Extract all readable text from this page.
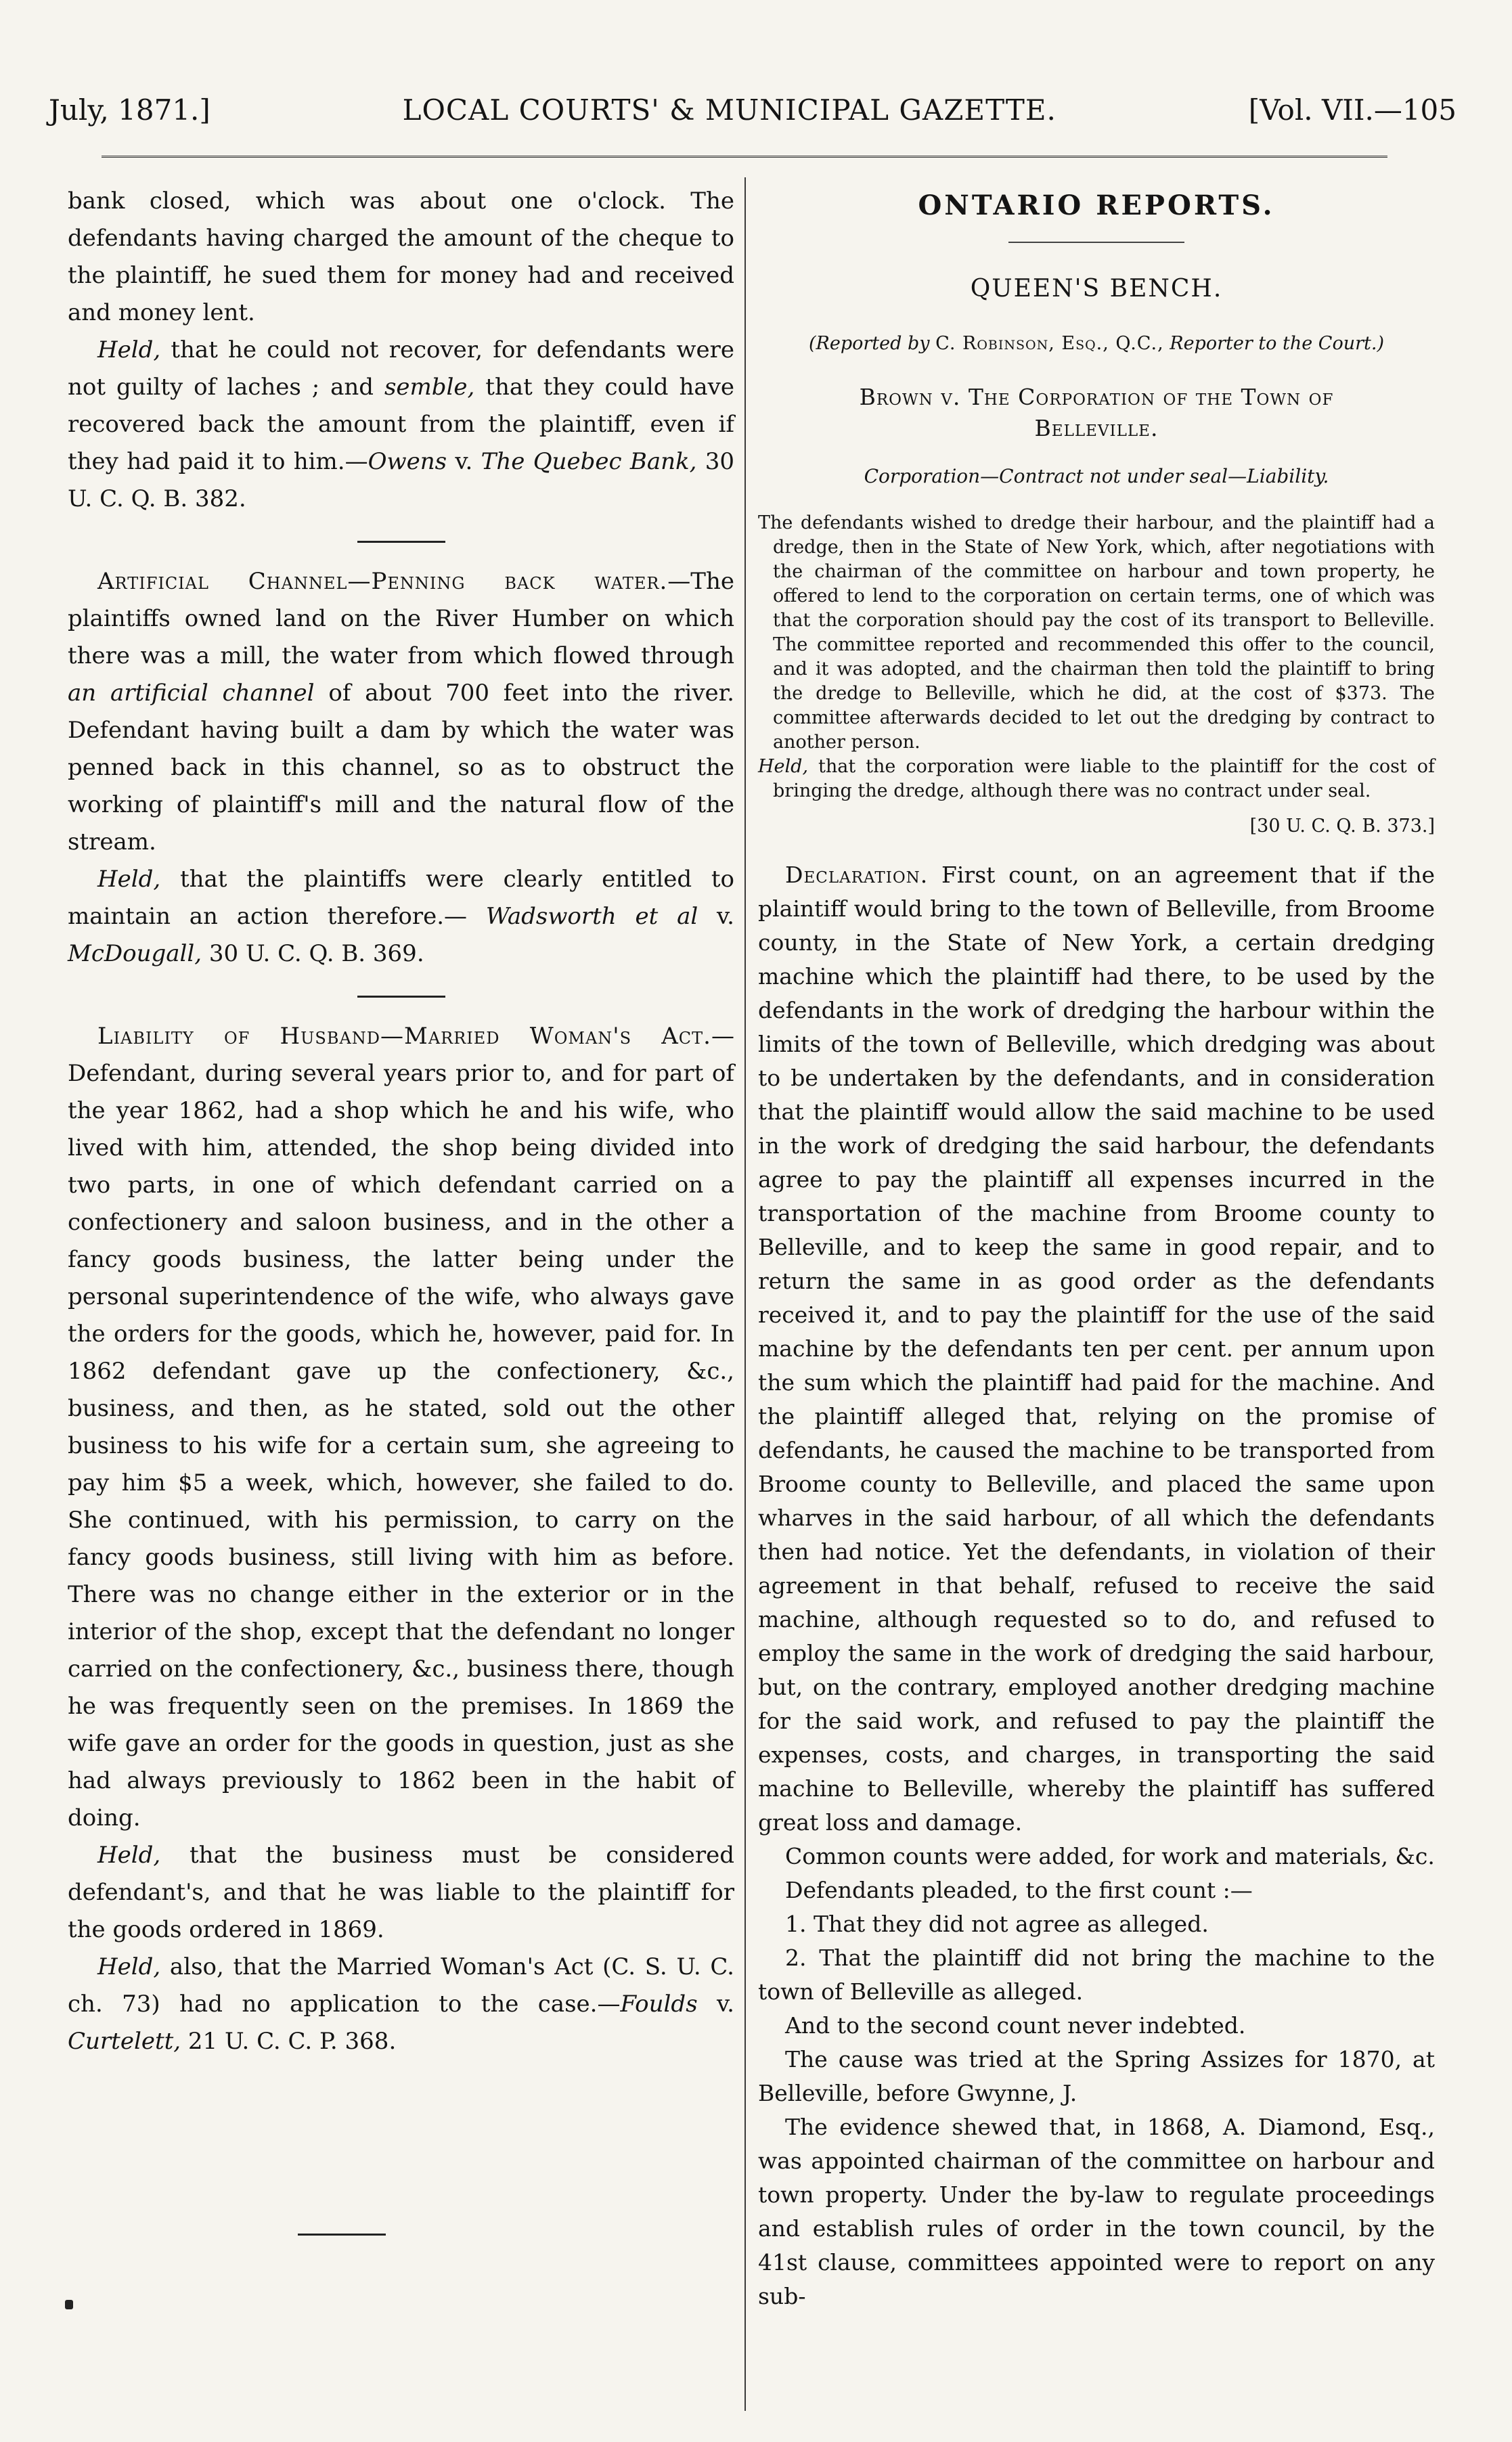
July, 1871.]	LOCAL COURTS' & MUNICIPAL GAZETTE.	[Vol. VII.—105

bank closed, which was about one o'clock. The defendants having charged the amount of the cheque to the plaintiff, he sued them for money had and received and money lent.

Held, that he could not recover, for defendants were not guilty of laches ; and semble, that they could have recovered back the amount from the plaintiff, even if they had paid it to him.—Owens v. The Quebec Bank, 30 U. C. Q. B. 382.

Artificial Channel—Penning back water.—The plaintiffs owned land on the River Humber on which there was a mill, the water from which flowed through an artificial channel of about 700 feet into the river. Defendant having built a dam by which the water was penned back in this channel, so as to obstruct the working of plaintiff's mill and the natural flow of the stream.

Held, that the plaintiffs were clearly entitled to maintain an action therefore.— Wadsworth et al v. McDougall, 30 U. C. Q. B. 369.

Liability of Husband—Married Woman's Act.—Defendant, during several years prior to, and for part of the year 1862, had a shop which he and his wife, who lived with him, attended, the shop being divided into two parts, in one of which defendant carried on a confectionery and saloon business, and in the other a fancy goods business, the latter being under the personal superintendence of the wife, who always gave the orders for the goods, which he, however, paid for. In 1862 defendant gave up the confectionery, &c., business, and then, as he stated, sold out the other business to his wife for a certain sum, she agreeing to pay him $5 a week, which, however, she failed to do. She continued, with his permission, to carry on the fancy goods business, still living with him as before. There was no change either in the exterior or in the interior of the shop, except that the defendant no longer carried on the confectionery, &c., business there, though he was frequently seen on the premises. In 1869 the wife gave an order for the goods in question, just as she had always previously to 1862 been in the habit of doing.

Held, that the business must be considered defendant's, and that he was liable to the plaintiff for the goods ordered in 1869.

Held, also, that the Married Woman's Act (C. S. U. C. ch. 73) had no application to the case.—Foulds v. Curtelett, 21 U. C. C. P. 368.

ONTARIO REPORTS.
QUEEN'S BENCH.

(Reported by C. Robinson, Esq., Q.C., Reporter to the Court.)

Brown v. The Corporation of the Town of
Belleville.
Corporation—Contract not under seal—Liability.

The defendants wished to dredge their harbour, and the plaintiff had a dredge, then in the State of New York, which, after negotiations with the chairman of the committee on harbour and town property, he offered to lend to the corporation on certain terms, one of which was that the corporation should pay the cost of its transport to Belleville. The committee reported and recommended this offer to the council, and it was adopted, and the chairman then told the plaintiff to bring the dredge to Belleville, which he did, at the cost of $373. The committee afterwards decided to let out the dredging by contract to another person.

Held, that the corporation were liable to the plaintiff for the cost of bringing the dredge, although there was no contract under seal.

[30 U. C. Q. B. 373.]

Declaration. First count, on an agreement that if the plaintiff would bring to the town of Belleville, from Broome county, in the State of New York, a certain dredging machine which the plaintiff had there, to be used by the defendants in the work of dredging the harbour within the limits of the town of Belleville, which dredging was about to be undertaken by the defendants, and in consideration that the plaintiff would allow the said machine to be used in the work of dredging the said harbour, the defendants agree to pay the plaintiff all expenses incurred in the transportation of the machine from Broome county to Belleville, and to keep the same in good repair, and to return the same in as good order as the defendants received it, and to pay the plaintiff for the use of the said machine by the defendants ten per cent. per annum upon the sum which the plaintiff had paid for the machine. And the plaintiff alleged that, relying on the promise of defendants, he caused the machine to be transported from Broome county to Belleville, and placed the same upon wharves in the said harbour, of all which the defendants then had notice. Yet the defendants, in violation of their agreement in that behalf, refused to receive the said machine, although requested so to do, and refused to employ the same in the work of dredging the said harbour, but, on the contrary, employed another dredging machine for the said work, and refused to pay the plaintiff the expenses, costs, and charges, in transporting the said machine to Belleville, whereby the plaintiff has suffered great loss and damage.

Common counts were added, for work and materials, &c.

Defendants pleaded, to the first count :—

1. That they did not agree as alleged.

2. That the plaintiff did not bring the machine to the town of Belleville as alleged.

And to the second count never indebted.

The cause was tried at the Spring Assizes for 1870, at Belleville, before Gwynne, J.

The evidence shewed that, in 1868, A. Diamond, Esq., was appointed chairman of the committee on harbour and town property. Under the by-law to regulate proceedings and establish rules of order in the town council, by the 41st clause, committees appointed were to report on any sub-
